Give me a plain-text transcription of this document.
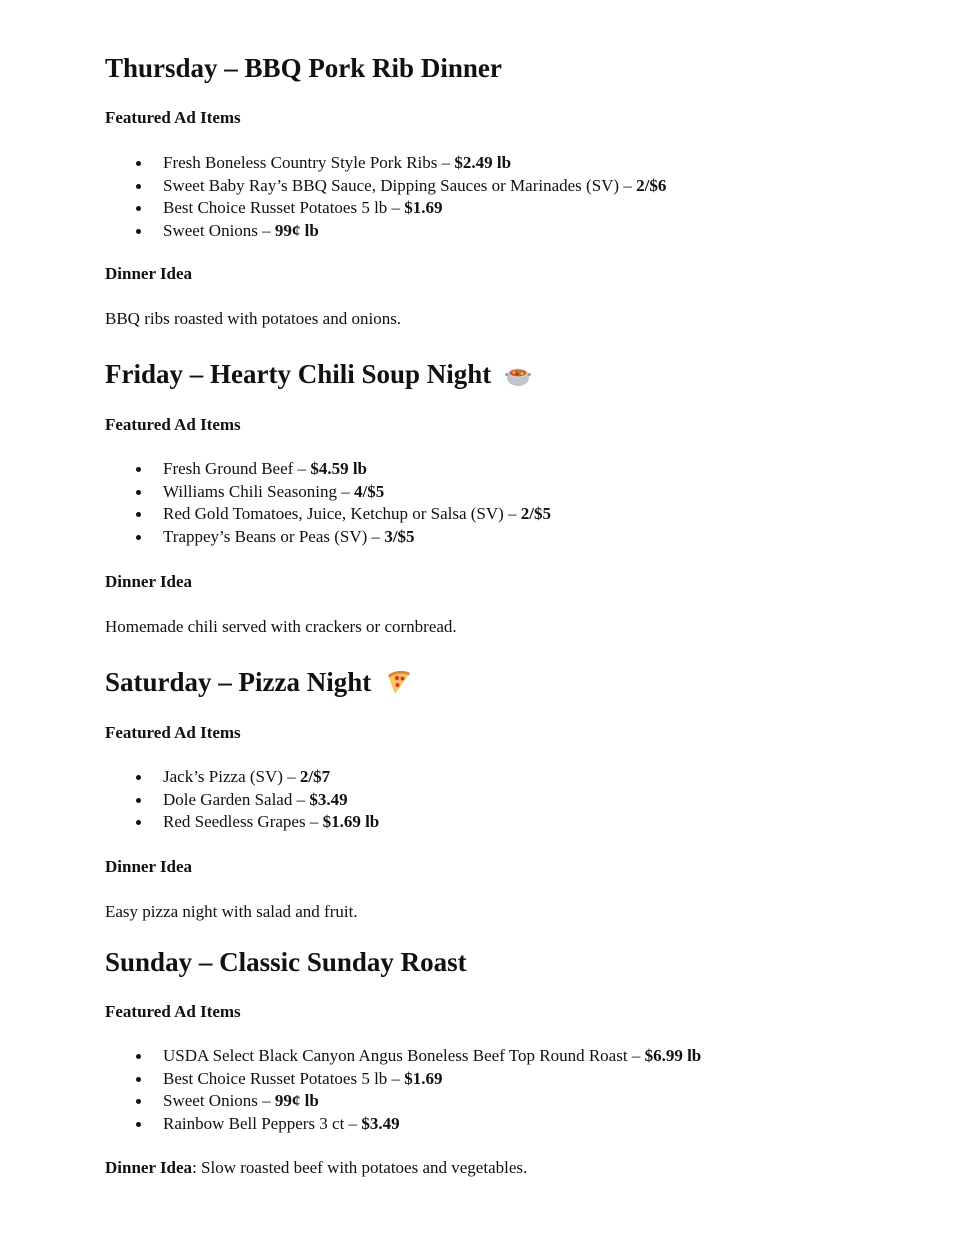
Thursday – BBQ Pork Rib Dinner
Featured Ad Items
Fresh Boneless Country Style Pork Ribs – $2.49 lb
Sweet Baby Ray’s BBQ Sauce, Dipping Sauces or Marinades (SV) – 2/$6
Best Choice Russet Potatoes 5 lb – $1.69
Sweet Onions – 99¢ lb
Dinner Idea

BBQ ribs roasted with potatoes and onions.

Friday – Hearty Chili Soup Night
Featured Ad Items
Fresh Ground Beef – $4.59 lb
Williams Chili Seasoning – 4/$5
Red Gold Tomatoes, Juice, Ketchup or Salsa (SV) – 2/$5
Trappey’s Beans or Peas (SV) – 3/$5
Dinner Idea

Homemade chili served with crackers or cornbread.

Saturday – Pizza Night
Featured Ad Items
Jack’s Pizza (SV) – 2/$7
Dole Garden Salad – $3.49
Red Seedless Grapes – $1.69 lb
Dinner Idea

Easy pizza night with salad and fruit.

Sunday – Classic Sunday Roast
Featured Ad Items
USDA Select Black Canyon Angus Boneless Beef Top Round Roast – $6.99 lb
Best Choice Russet Potatoes 5 lb – $1.69
Sweet Onions – 99¢ lb
Rainbow Bell Peppers 3 ct – $3.49

Dinner Idea: Slow roasted beef with potatoes and vegetables.
